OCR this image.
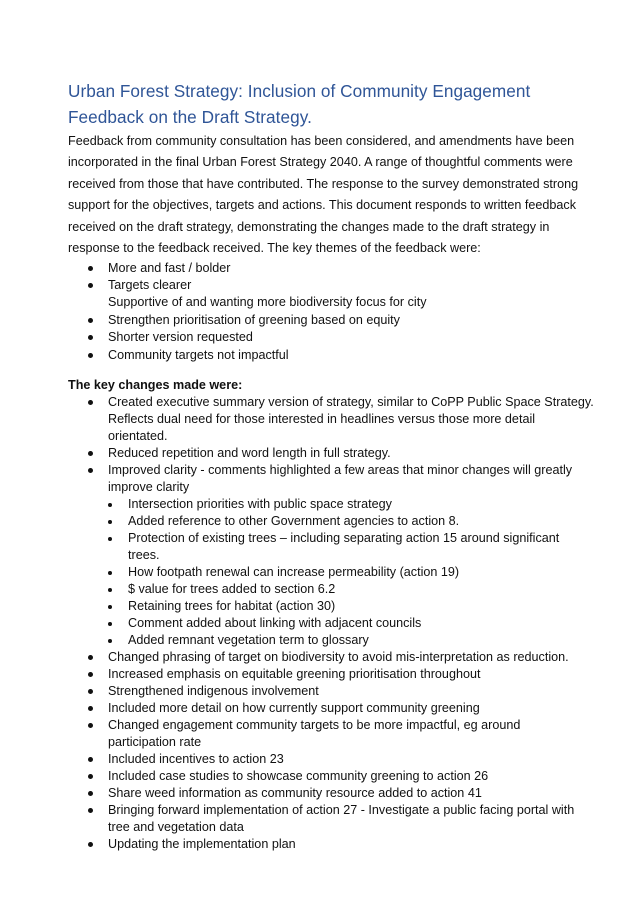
Urban Forest Strategy: Inclusion of Community Engagement
Feedback on the Draft Strategy.
Feedback from community consultation has been considered, and amendments have been
incorporated in the final Urban Forest Strategy 2040. A range of thoughtful comments were
received from those that have contributed. The response to the survey demonstrated strong
support for the objectives, targets and actions. This document responds to written feedback
received on the draft strategy, demonstrating the changes made to the draft strategy in
response to the feedback received. The key themes of the feedback were:
More and fast / bolder
Targets clearer
Supportive of and wanting more biodiversity focus for city
Strengthen prioritisation of greening based on equity
Shorter version requested
Community targets not impactful
The key changes made were:
Created executive summary version of strategy, similar to CoPP Public Space Strategy.
Reflects dual need for those interested in headlines versus those more detail
orientated.
Reduced repetition and word length in full strategy.
Improved clarity - comments highlighted a few areas that minor changes will greatly
improve clarity
Intersection priorities with public space strategy
Added reference to other Government agencies to action 8.
Protection of existing trees – including separating action 15 around significant
trees.
How footpath renewal can increase permeability (action 19)
$ value for trees added to section 6.2
Retaining trees for habitat (action 30)
Comment added about linking with adjacent councils
Added remnant vegetation term to glossary
Changed phrasing of target on biodiversity to avoid mis-interpretation as reduction.
Increased emphasis on equitable greening prioritisation throughout
Strengthened indigenous involvement
Included more detail on how currently support community greening
Changed engagement community targets to be more impactful, eg around
participation rate
Included incentives to action 23
Included case studies to showcase community greening to action 26
Share weed information as community resource added to action 41
Bringing forward implementation of action 27 - Investigate a public facing portal with
tree and vegetation data
Updating the implementation plan
